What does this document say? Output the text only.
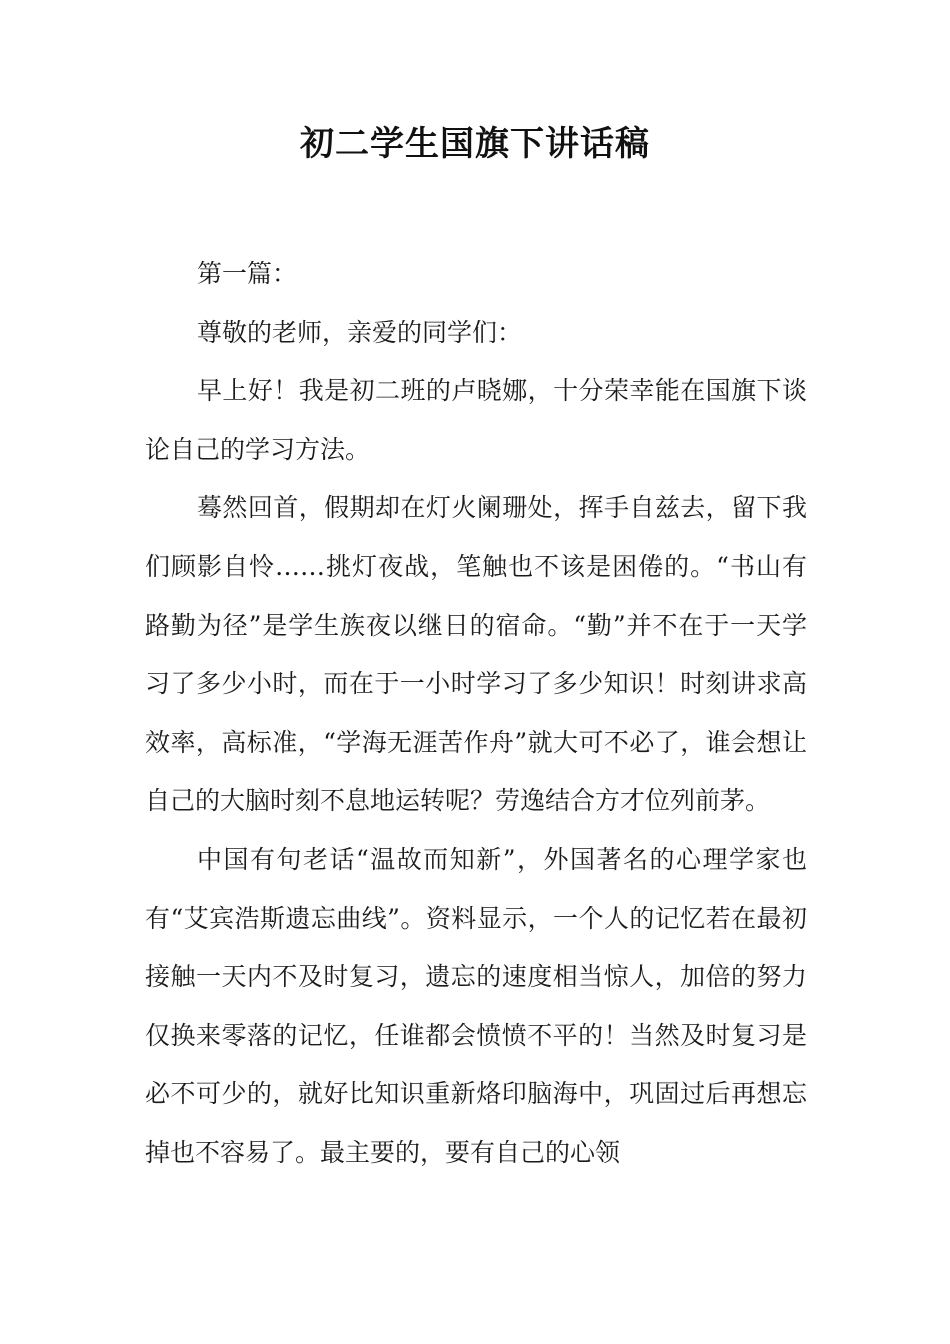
初二学生国旗下讲话稿

第一篇：

尊敬的老师，亲爱的同学们：

早上好！我是初二班的卢晓娜，十分荣幸能在国旗下谈论自己的学习方法。

蓦然回首，假期却在灯火阑珊处，挥手自兹去，留下我们顾影自怜……挑灯夜战，笔触也不该是困倦的。“书山有路勤为径”是学生族夜以继日的宿命。“勤”并不在于一天学习了多少小时，而在于一小时学习了多少知识！时刻讲求高效率，高标准，“学海无涯苦作舟”就大可不必了，谁会想让自己的大脑时刻不息地运转呢？劳逸结合方才位列前茅。

中国有句老话“温故而知新”，外国著名的心理学家也有“艾宾浩斯遗忘曲线”。资料显示，一个人的记忆若在最初接触一天内不及时复习，遗忘的速度相当惊人，加倍的努力仅换来零落的记忆，任谁都会愤愤不平的！当然及时复习是必不可少的，就好比知识重新烙印脑海中，巩固过后再想忘掉也不容易了。最主要的，要有自己的心领
